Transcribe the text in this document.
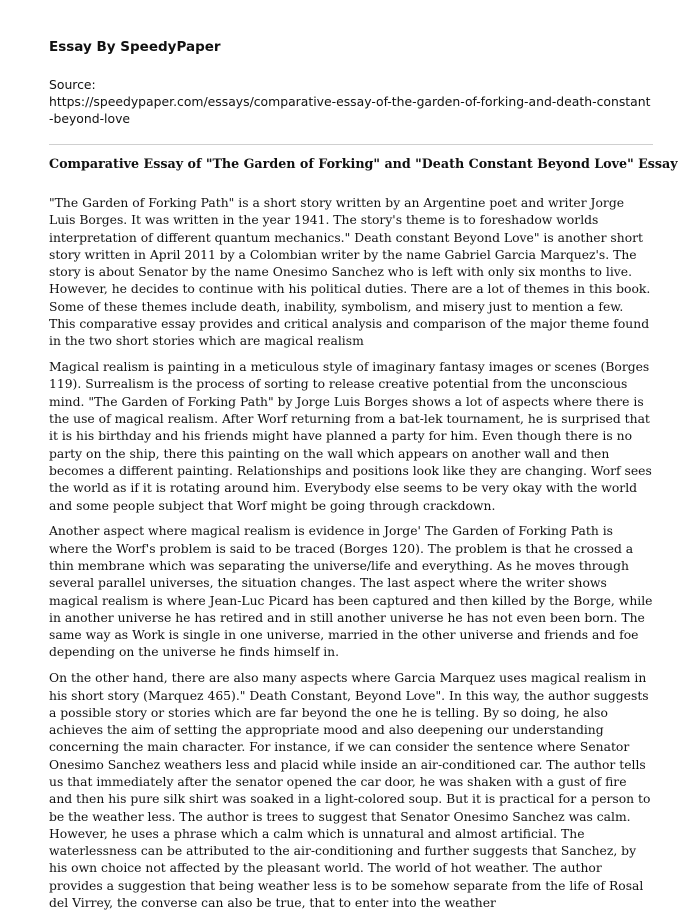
Essay By SpeedyPaper
Source:
https://speedypaper.com/essays/comparative-essay-of-the-garden-of-forking-and-death-constant-beyond-love
Comparative Essay of "The Garden of Forking" and "Death Constant Beyond Love" Essay

"The Garden of Forking Path" is a short story written by an Argentine poet and writer Jorge Luis Borges. It was written in the year 1941. The story's theme is to foreshadow worlds interpretation of different quantum mechanics." Death constant Beyond Love" is another short story written in April 2011 by a Colombian writer by the name Gabriel Garcia Marquez's. The story is about Senator by the name Onesimo Sanchez who is left with only six months to live. However, he decides to continue with his political duties. There are a lot of themes in this book. Some of these themes include death, inability, symbolism, and misery just to mention a few. This comparative essay provides and critical analysis and comparison of the major theme found in the two short stories which are magical realism

Magical realism is painting in a meticulous style of imaginary fantasy images or scenes (Borges 119). Surrealism is the process of sorting to release creative potential from the unconscious mind. "The Garden of Forking Path" by Jorge Luis Borges shows a lot of aspects where there is the use of magical realism. After Worf returning from a bat-lek tournament, he is surprised that it is his birthday and his friends might have planned a party for him. Even though there is no party on the ship, there this painting on the wall which appears on another wall and then becomes a different painting. Relationships and positions look like they are changing. Worf sees the world as if it is rotating around him. Everybody else seems to be very okay with the world and some people subject that Worf might be going through crackdown.

Another aspect where magical realism is evidence in Jorge' The Garden of Forking Path is where the Worf's problem is said to be traced (Borges 120). The problem is that he crossed a thin membrane which was separating the universe/life and everything. As he moves through several parallel universes, the situation changes. The last aspect where the writer shows magical realism is where Jean-Luc Picard has been captured and then killed by the Borge, while in another universe he has retired and in still another universe he has not even been born. The same way as Work is single in one universe, married in the other universe and friends and foe depending on the universe he finds himself in.

On the other hand, there are also many aspects where Garcia Marquez uses magical realism in his short story (Marquez 465)." Death Constant, Beyond Love". In this way, the author suggests a possible story or stories which are far beyond the one he is telling. By so doing, he also achieves the aim of setting the appropriate mood and also deepening our understanding concerning the main character. For instance, if we can consider the sentence where Senator Onesimo Sanchez weathers less and placid while inside an air-conditioned car. The author tells us that immediately after the senator opened the car door, he was shaken with a gust of fire and then his pure silk shirt was soaked in a light-colored soup. But it is practical for a person to be the weather less. The author is trees to suggest that Senator Onesimo Sanchez was calm. However, he uses a phrase which a calm which is unnatural and almost artificial. The waterlessness can be attributed to the air-conditioning and further suggests that Sanchez, by his own choice not affected by the pleasant world. The world of hot weather. The author provides a suggestion that being weather less is to be somehow separate from the life of Rosal del Virrey, the converse can also be true, that to enter into the weather
